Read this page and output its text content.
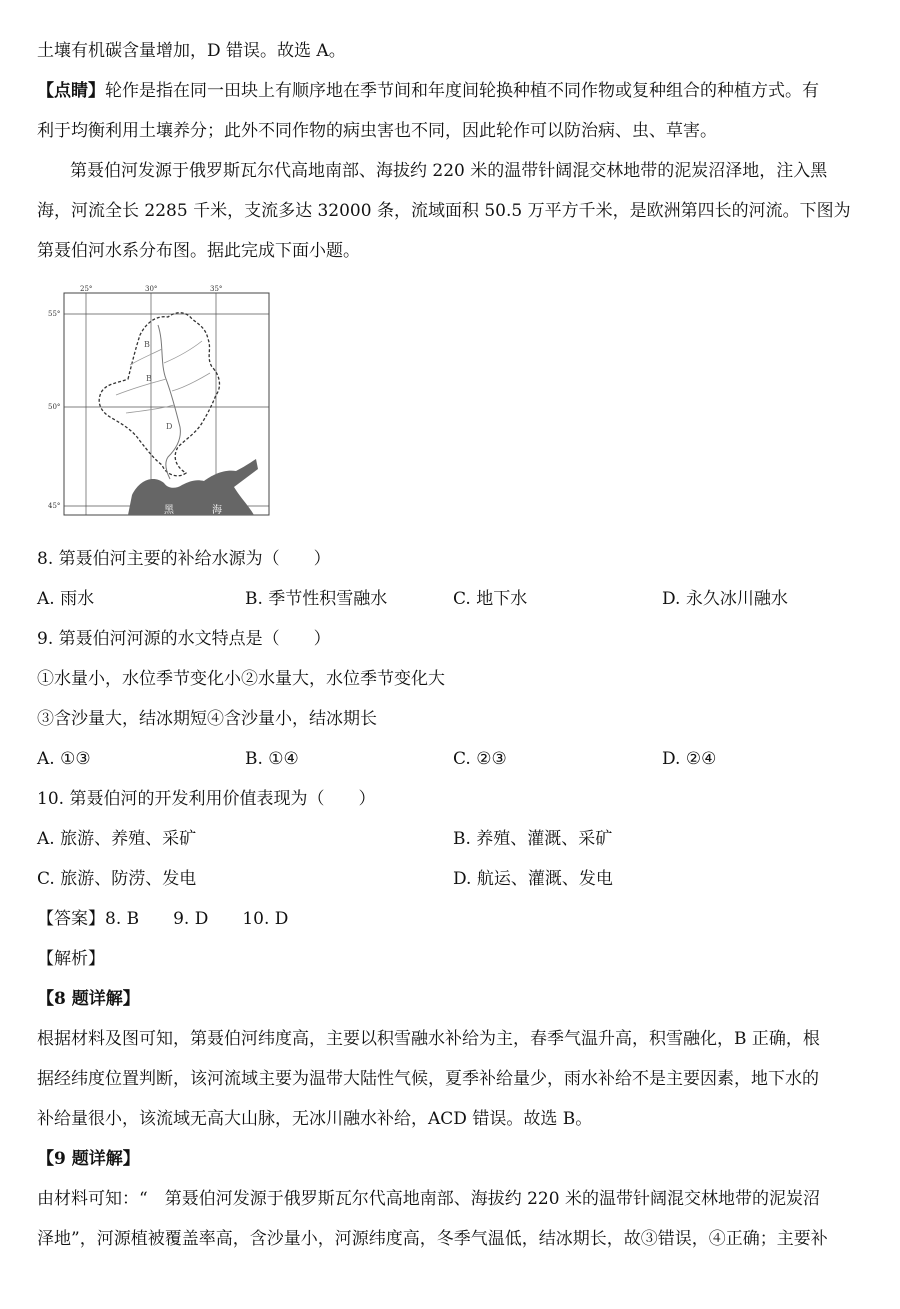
土壤有机碳含量增加，D 错误。故选 A。
【点睛】轮作是指在同一田块上有顺序地在季节间和年度间轮换种植不同作物或复种组合的种植方式。有
利于均衡利用土壤养分；此外不同作物的病虫害也不同，因此轮作可以防治病、虫、草害。
第聂伯河发源于俄罗斯瓦尔代高地南部、海拔约 220 米的温带针阔混交林地带的泥炭沼泽地，注入黑
海，河流全长 2285 千米，支流多达 32000 条，流域面积 50.5 万平方千米，是欧洲第四长的河流。下图为
第聂伯河水系分布图。据此完成下面小题。
25°	30°	35°
55°
50°
45°
B
B
D
黑	海
8. 第聂伯河主要的补给水源为（　　）
A. 雨水	B. 季节性积雪融水	C. 地下水	D. 永久冰川融水
9. 第聂伯河河源的水文特点是（　　）
①水量小，水位季节变化小②水量大，水位季节变化大
③含沙量大，结冰期短④含沙量小，结冰期长
A. ①③	B. ①④	C. ②③	D. ②④
10. 第聂伯河的开发利用价值表现为（　　）
A. 旅游、养殖、采矿	B. 养殖、灌溉、采矿
C. 旅游、防涝、发电	D. 航运、灌溉、发电
【答案】8. B　　9. D　　10. D
【解析】
【8 题详解】
根据材料及图可知，第聂伯河纬度高，主要以积雪融水补给为主，春季气温升高，积雪融化，B 正确，根
据经纬度位置判断，该河流域主要为温带大陆性气候，夏季补给量少，雨水补给不是主要因素，地下水的
补给量很小，该流域无高大山脉，无冰川融水补给，ACD 错误。故选 B。
【9 题详解】
由材料可知：“　第聂伯河发源于俄罗斯瓦尔代高地南部、海拔约 220 米的温带针阔混交林地带的泥炭沼
泽地”，河源植被覆盖率高，含沙量小，河源纬度高，冬季气温低，结冰期长，故③错误，④正确；主要补
